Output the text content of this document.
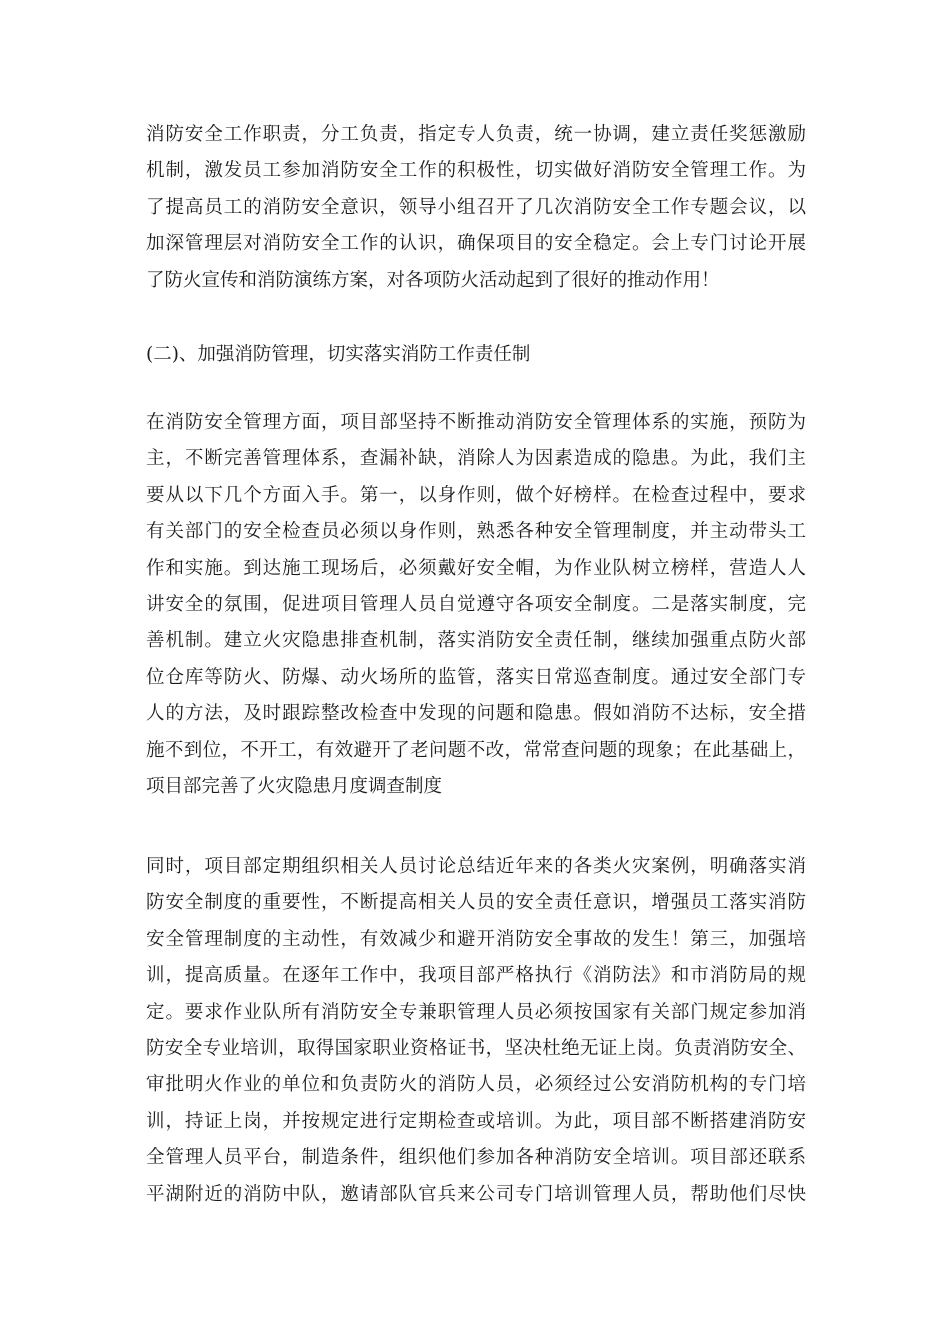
消防安全工作职责，分工负责，指定专人负责，统一协调，建立责任奖惩激励
机制，激发员工参加消防安全工作的积极性，切实做好消防安全管理工作。为
了提高员工的消防安全意识，领导小组召开了几次消防安全工作专题会议，以
加深管理层对消防安全工作的认识，确保项目的安全稳定。会上专门讨论开展
了防火宣传和消防演练方案，对各项防火活动起到了很好的推动作用！
(二)、加强消防管理，切实落实消防工作责任制
在消防安全管理方面，项目部坚持不断推动消防安全管理体系的实施，预防为
主，不断完善管理体系，查漏补缺，消除人为因素造成的隐患。为此，我们主
要从以下几个方面入手。第一，以身作则，做个好榜样。在检查过程中，要求
有关部门的安全检查员必须以身作则，熟悉各种安全管理制度，并主动带头工
作和实施。到达施工现场后，必须戴好安全帽，为作业队树立榜样，营造人人
讲安全的氛围，促进项目管理人员自觉遵守各项安全制度。二是落实制度，完
善机制。建立火灾隐患排查机制，落实消防安全责任制，继续加强重点防火部
位仓库等防火、防爆、动火场所的监管，落实日常巡查制度。通过安全部门专
人的方法，及时跟踪整改检查中发现的问题和隐患。假如消防不达标，安全措
施不到位，不开工，有效避开了老问题不改，常常查问题的现象；在此基础上，
项目部完善了火灾隐患月度调查制度
同时，项目部定期组织相关人员讨论总结近年来的各类火灾案例，明确落实消
防安全制度的重要性，不断提高相关人员的安全责任意识，增强员工落实消防
安全管理制度的主动性，有效减少和避开消防安全事故的发生！第三，加强培
训，提高质量。在逐年工作中，我项目部严格执行《消防法》和市消防局的规
定。要求作业队所有消防安全专兼职管理人员必须按国家有关部门规定参加消
防安全专业培训，取得国家职业资格证书，坚决杜绝无证上岗。负责消防安全、
审批明火作业的单位和负责防火的消防人员，必须经过公安消防机构的专门培
训，持证上岗，并按规定进行定期检查或培训。为此，项目部不断搭建消防安
全管理人员平台，制造条件，组织他们参加各种消防安全培训。项目部还联系
平湖附近的消防中队，邀请部队官兵来公司专门培训管理人员，帮助他们尽快
